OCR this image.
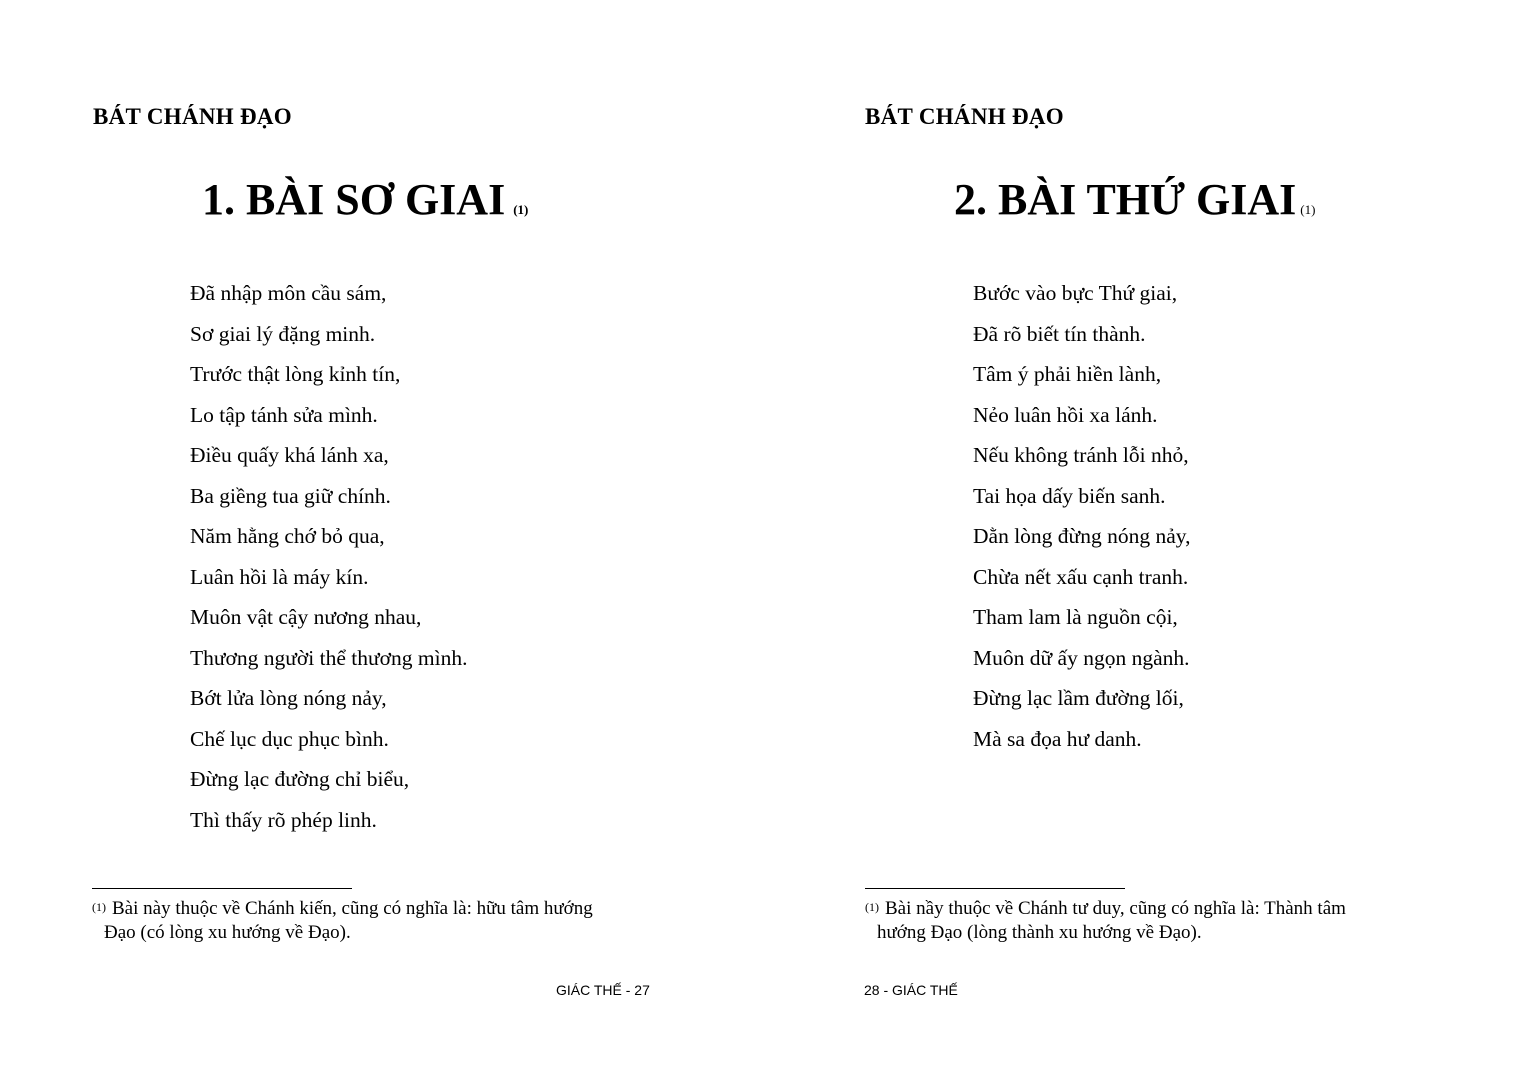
BÁT CHÁNH ĐẠO
1. BÀI SƠ GIAI (1)
Đã nhập môn cầu sám,
Sơ giai lý đặng minh.
Trước thật lòng kỉnh tín,
Lo tập tánh sửa mình.
Điều quấy khá lánh xa,
Ba giềng tua giữ chính.
Năm hằng chớ bỏ qua,
Luân hồi là máy kín.
Muôn vật cậy nương nhau,
Thương người thể thương mình.
Bớt lửa lòng nóng nảy,
Chế lục dục phục bình.
Đừng lạc đường chỉ biểu,
Thì thấy rõ phép linh.
$^{(1)}$ Bài này thuộc về Chánh kiến, cũng có nghĩa là: hữu tâm hướng
Đạo (có lòng xu hướng về Đạo).
GIÁC THẾ - 27
BÁT CHÁNH ĐẠO
2. BÀI THỨ GIAI (1)
Bước vào bực Thứ giai,
Đã rõ biết tín thành.
Tâm ý phải hiền lành,
Nẻo luân hồi xa lánh.
Nếu không tránh lỗi nhỏ,
Tai họa dấy biến sanh.
Dằn lòng đừng nóng nảy,
Chừa nết xấu cạnh tranh.
Tham lam là nguồn cội,
Muôn dữ ấy ngọn ngành.
Đừng lạc lầm đường lối,
Mà sa đọa hư danh.
$^{(1)}$ Bài nầy thuộc về Chánh tư duy, cũng có nghĩa là: Thành tâm
hướng Đạo (lòng thành xu hướng về Đạo).
28 - GIÁC THẾ
